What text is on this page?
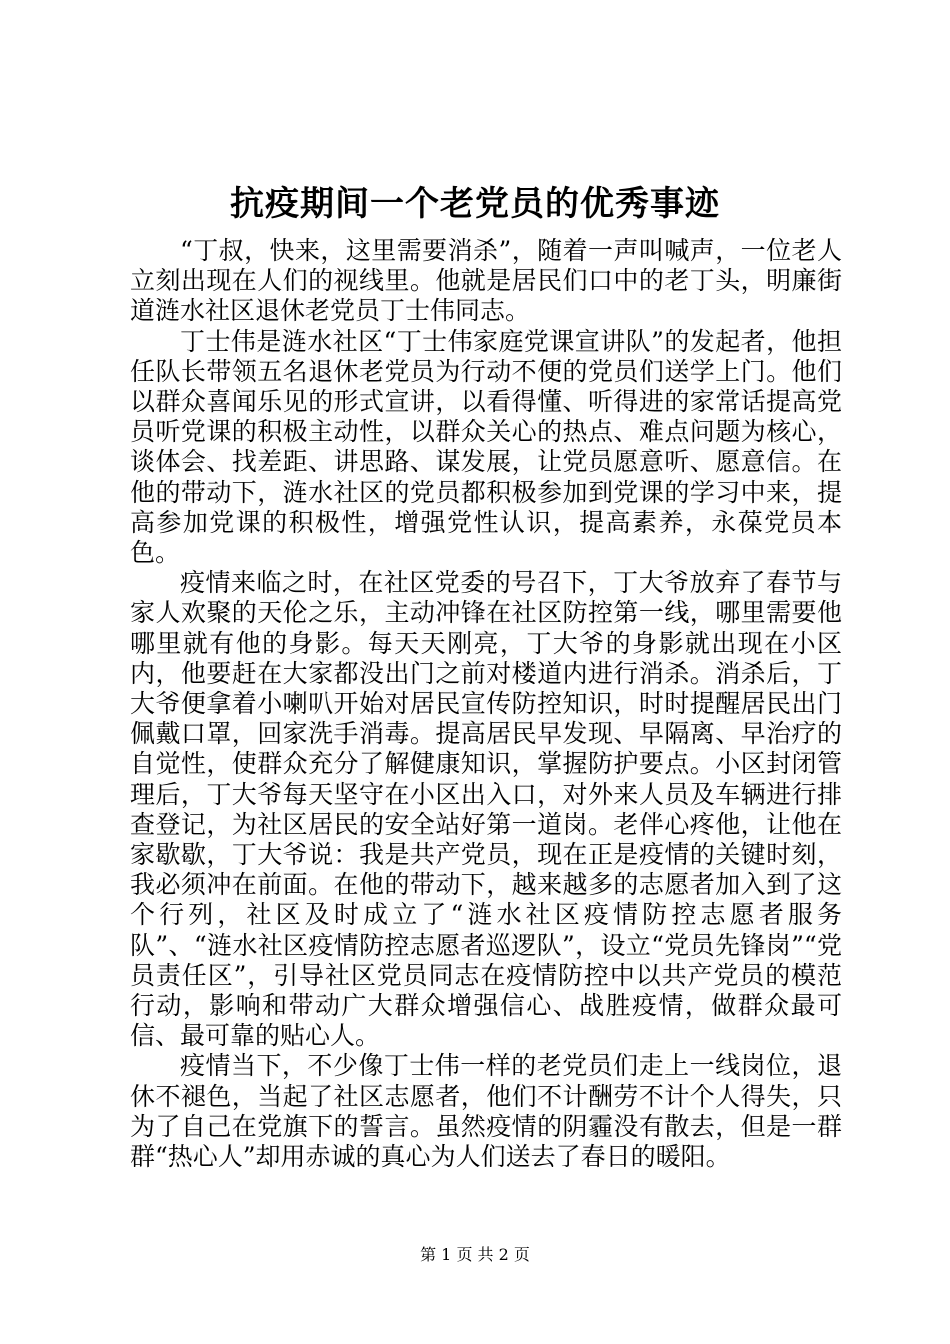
抗疫期间一个老党员的优秀事迹

“丁叔，快来，这里需要消杀”，随着一声叫喊声，一位老人立刻出现在人们的视线里。他就是居民们口中的老丁头，明廉街道涟水社区退休老党员丁士伟同志。

丁士伟是涟水社区“丁士伟家庭党课宣讲队”的发起者，他担任队长带领五名退休老党员为行动不便的党员们送学上门。他们以群众喜闻乐见的形式宣讲，以看得懂、听得进的家常话提高党员听党课的积极主动性，以群众关心的热点、难点问题为核心，谈体会、找差距、讲思路、谋发展，让党员愿意听、愿意信。在他的带动下，涟水社区的党员都积极参加到党课的学习中来，提高参加党课的积极性，增强党性认识，提高素养，永葆党员本色。

疫情来临之时，在社区党委的号召下，丁大爷放弃了春节与家人欢聚的天伦之乐，主动冲锋在社区防控第一线，哪里需要他哪里就有他的身影。每天天刚亮，丁大爷的身影就出现在小区内，他要赶在大家都没出门之前对楼道内进行消杀。消杀后，丁大爷便拿着小喇叭开始对居民宣传防控知识，时时提醒居民出门佩戴口罩，回家洗手消毒。提高居民早发现、早隔离、早治疗的自觉性，使群众充分了解健康知识，掌握防护要点。小区封闭管理后，丁大爷每天坚守在小区出入口，对外来人员及车辆进行排查登记，为社区居民的安全站好第一道岗。老伴心疼他，让他在家歇歇，丁大爷说：我是共产党员，现在正是疫情的关键时刻，我必须冲在前面。在他的带动下，越来越多的志愿者加入到了这个行列，社区及时成立了“涟水社区疫情防控志愿者服务队”、“涟水社区疫情防控志愿者巡逻队”，设立“党员先锋岗”“党员责任区”，引导社区党员同志在疫情防控中以共产党员的模范行动，影响和带动广大群众增强信心、战胜疫情，做群众最可信、最可靠的贴心人。

疫情当下，不少像丁士伟一样的老党员们走上一线岗位，退休不褪色，当起了社区志愿者，他们不计酬劳不计个人得失，只为了自己在党旗下的誓言。虽然疫情的阴霾没有散去，但是一群群“热心人”却用赤诚的真心为人们送去了春日的暖阳。

第 1 页 共 2 页
